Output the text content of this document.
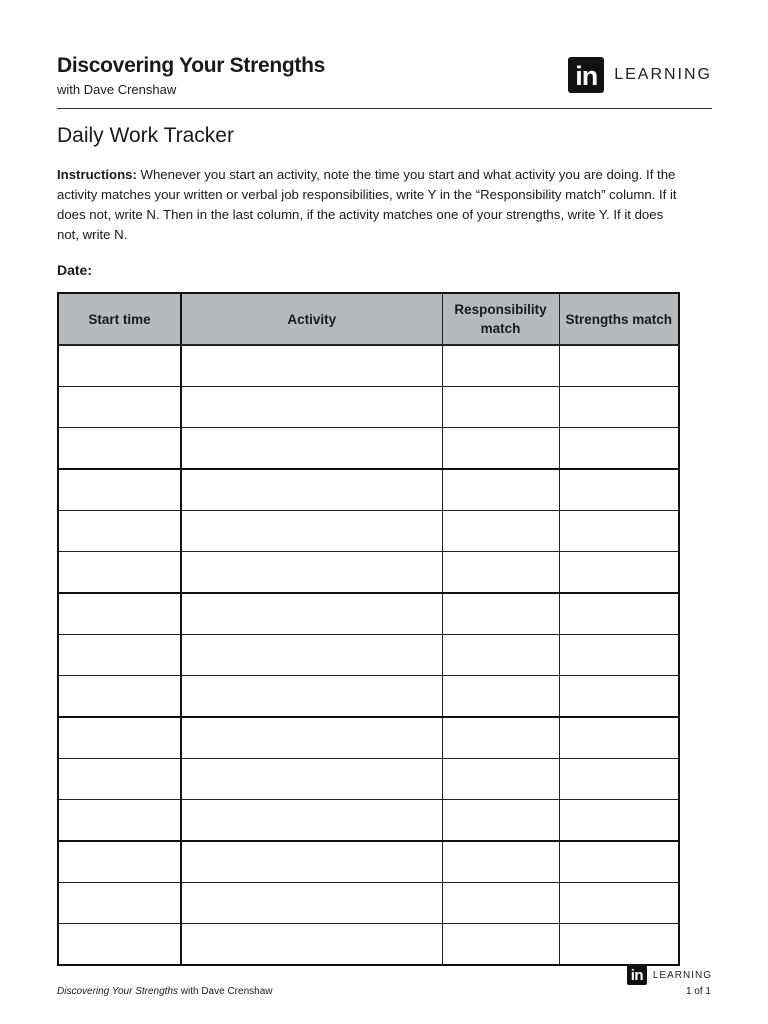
Discovering Your Strengths
with Dave Crenshaw	in	LEARNING
Daily Work Tracker
Instructions: Whenever you start an activity, note the time you start and what activity you are doing. If the activity matches your written or verbal job responsibilities, write Y in the “Responsibility match” column. If it does not, write N. Then in the last column, if the activity matches one of your strengths, write Y. If it does not, write N.
Date:
Start time	Activity	Responsibility match	Strengths match

Discovering Your Strengths with Dave Crenshaw
in LEARNING
1 of 1
